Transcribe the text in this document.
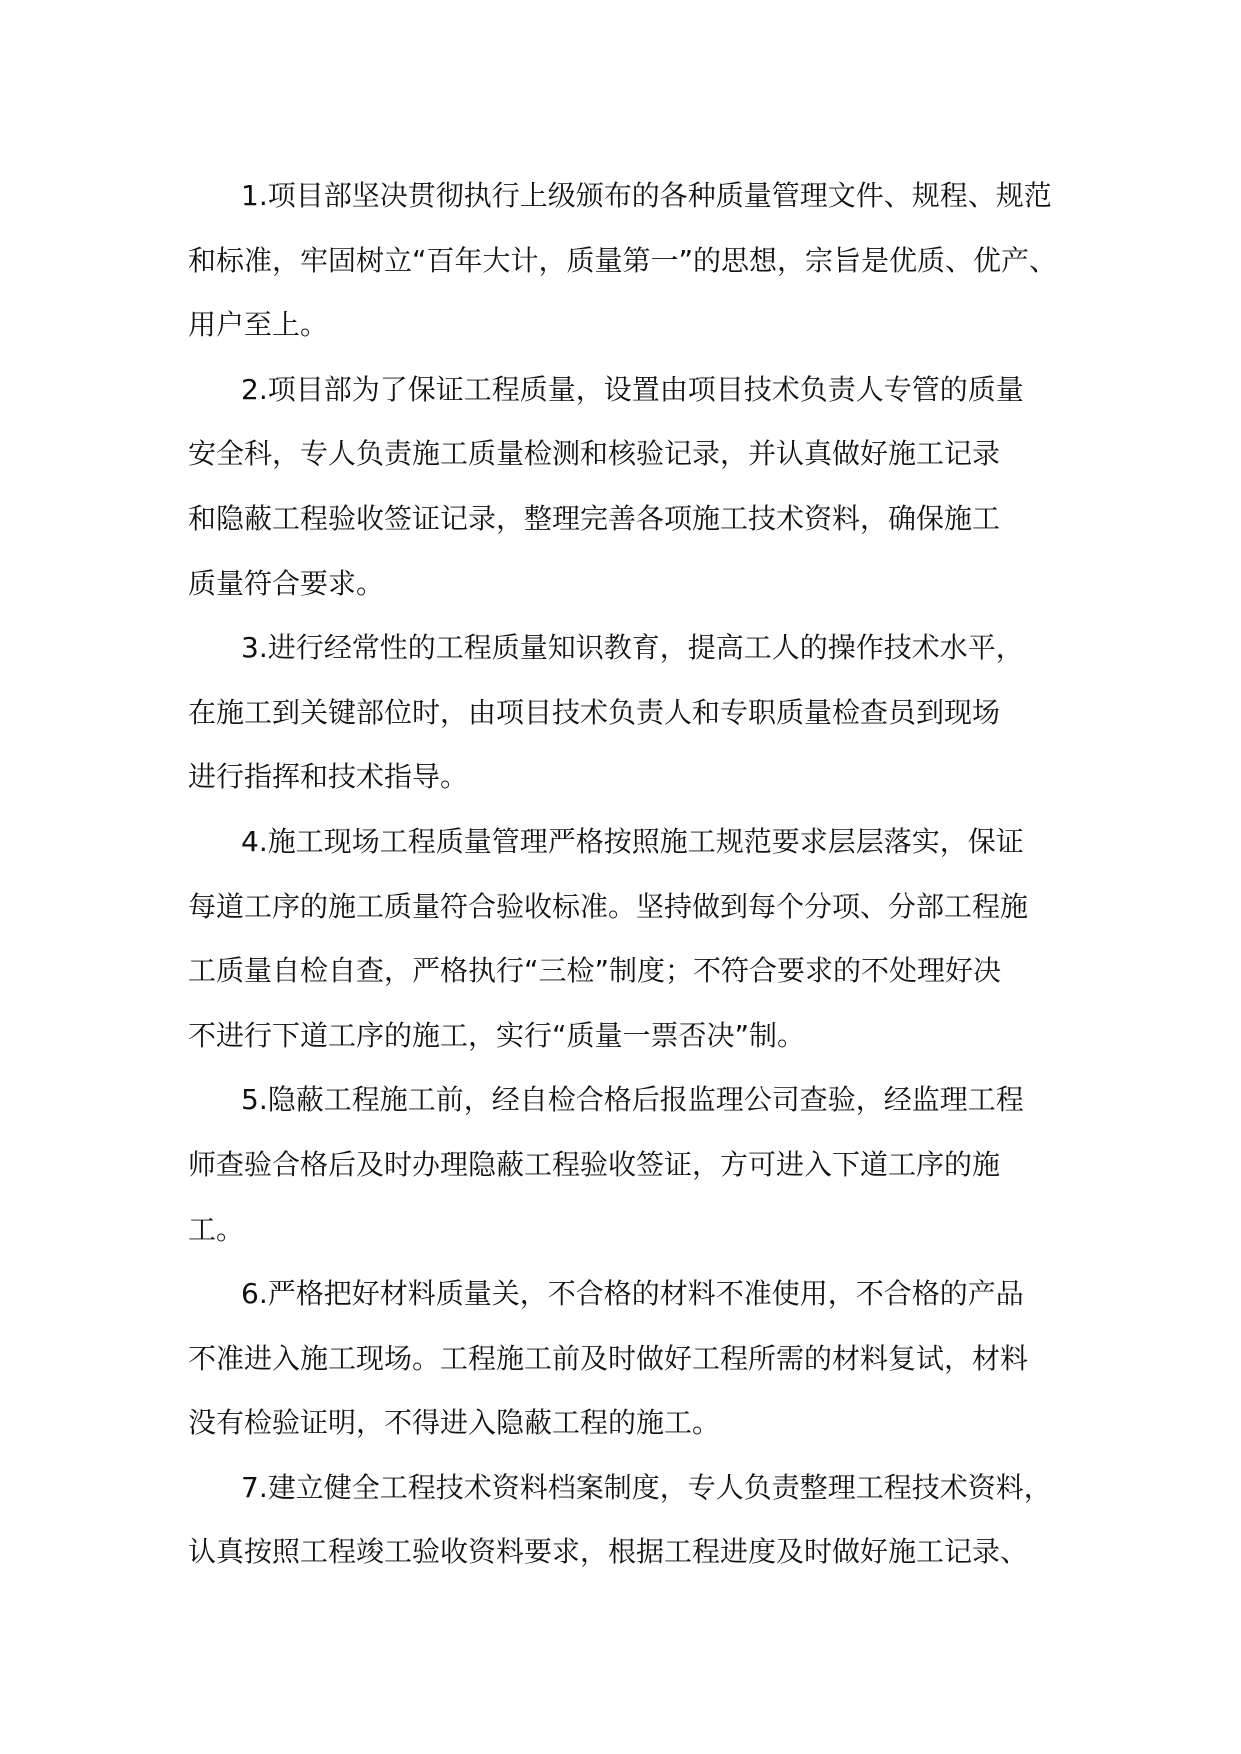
1.项目部坚决贯彻执行上级颁布的各种质量管理文件、规程、规范
和标准，牢固树立“百年大计，质量第一”的思想，宗旨是优质、优产、
用户至上。

2.项目部为了保证工程质量，设置由项目技术负责人专管的质量
安全科，专人负责施工质量检测和核验记录，并认真做好施工记录
和隐蔽工程验收签证记录，整理完善各项施工技术资料，确保施工
质量符合要求。

3.进行经常性的工程质量知识教育，提高工人的操作技术水平，
在施工到关键部位时，由项目技术负责人和专职质量检查员到现场
进行指挥和技术指导。

4.施工现场工程质量管理严格按照施工规范要求层层落实，保证
每道工序的施工质量符合验收标准。坚持做到每个分项、分部工程施
工质量自检自查，严格执行“三检”制度；不符合要求的不处理好决
不进行下道工序的施工，实行“质量一票否决”制。

5.隐蔽工程施工前，经自检合格后报监理公司查验，经监理工程
师查验合格后及时办理隐蔽工程验收签证，方可进入下道工序的施
工。

6.严格把好材料质量关，不合格的材料不准使用，不合格的产品
不准进入施工现场。工程施工前及时做好工程所需的材料复试，材料
没有检验证明，不得进入隐蔽工程的施工。

7.建立健全工程技术资料档案制度，专人负责整理工程技术资料，
认真按照工程竣工验收资料要求，根据工程进度及时做好施工记录、
